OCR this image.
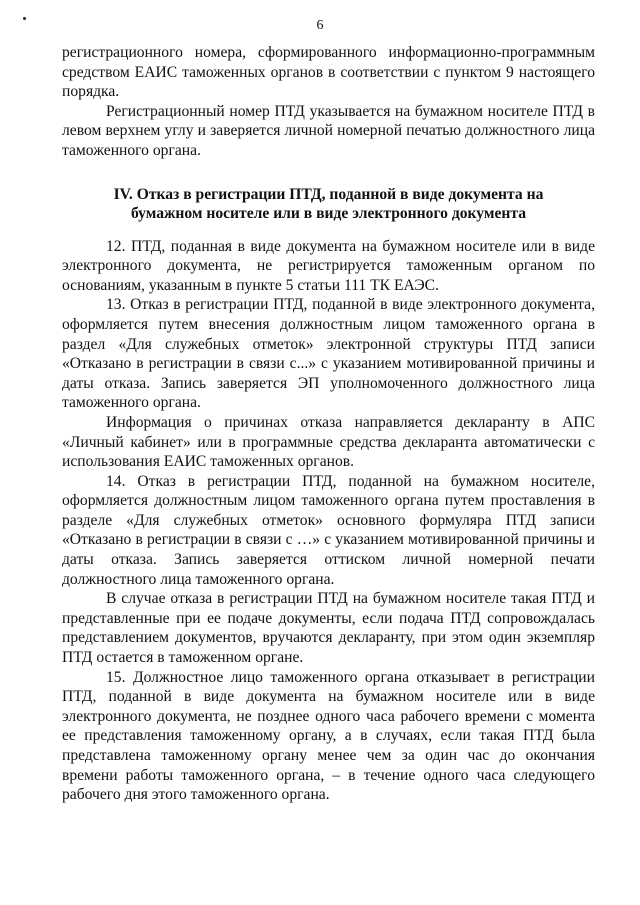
6

регистрационного номера, сформированного информационно-программным средством ЕАИС таможенных органов в соответствии с пунктом 9 настоящего порядка.

Регистрационный номер ПТД указывается на бумажном носителе ПТД в левом верхнем углу и заверяется личной номерной печатью должностного лица таможенного органа.

IV. Отказ в регистрации ПТД, поданной в виде документа на бумажном носителе или в виде электронного документа

12. ПТД, поданная в виде документа на бумажном носителе или в виде электронного документа, не регистрируется таможенным органом по основаниям, указанным в пункте 5 статьи 111 ТК ЕАЭС.

13. Отказ в регистрации ПТД, поданной в виде электронного документа, оформляется путем внесения должностным лицом таможенного органа в раздел «Для служебных отметок» электронной структуры ПТД записи «Отказано в регистрации в связи с...» с указанием мотивированной причины и даты отказа. Запись заверяется ЭП уполномоченного должностного лица таможенного органа.

Информация о причинах отказа направляется декларанту в АПС «Личный кабинет» или в программные средства декларанта автоматически с использования ЕАИС таможенных органов.

14. Отказ в регистрации ПТД, поданной на бумажном носителе, оформляется должностным лицом таможенного органа путем проставления в разделе «Для служебных отметок» основного формуляра ПТД записи «Отказано в регистрации в связи с …» с указанием мотивированной причины и даты отказа. Запись заверяется оттиском личной номерной печати должностного лица таможенного органа.

В случае отказа в регистрации ПТД на бумажном носителе такая ПТД и представленные при ее подаче документы, если подача ПТД сопровождалась представлением документов, вручаются декларанту, при этом один экземпляр ПТД остается в таможенном органе.

15. Должностное лицо таможенного органа отказывает в регистрации ПТД, поданной в виде документа на бумажном носителе или в виде электронного документа, не позднее одного часа рабочего времени с момента ее представления таможенному органу, а в случаях, если такая ПТД была представлена таможенному органу менее чем за один час до окончания времени работы таможенного органа, – в течение одного часа следующего рабочего дня этого таможенного органа.
